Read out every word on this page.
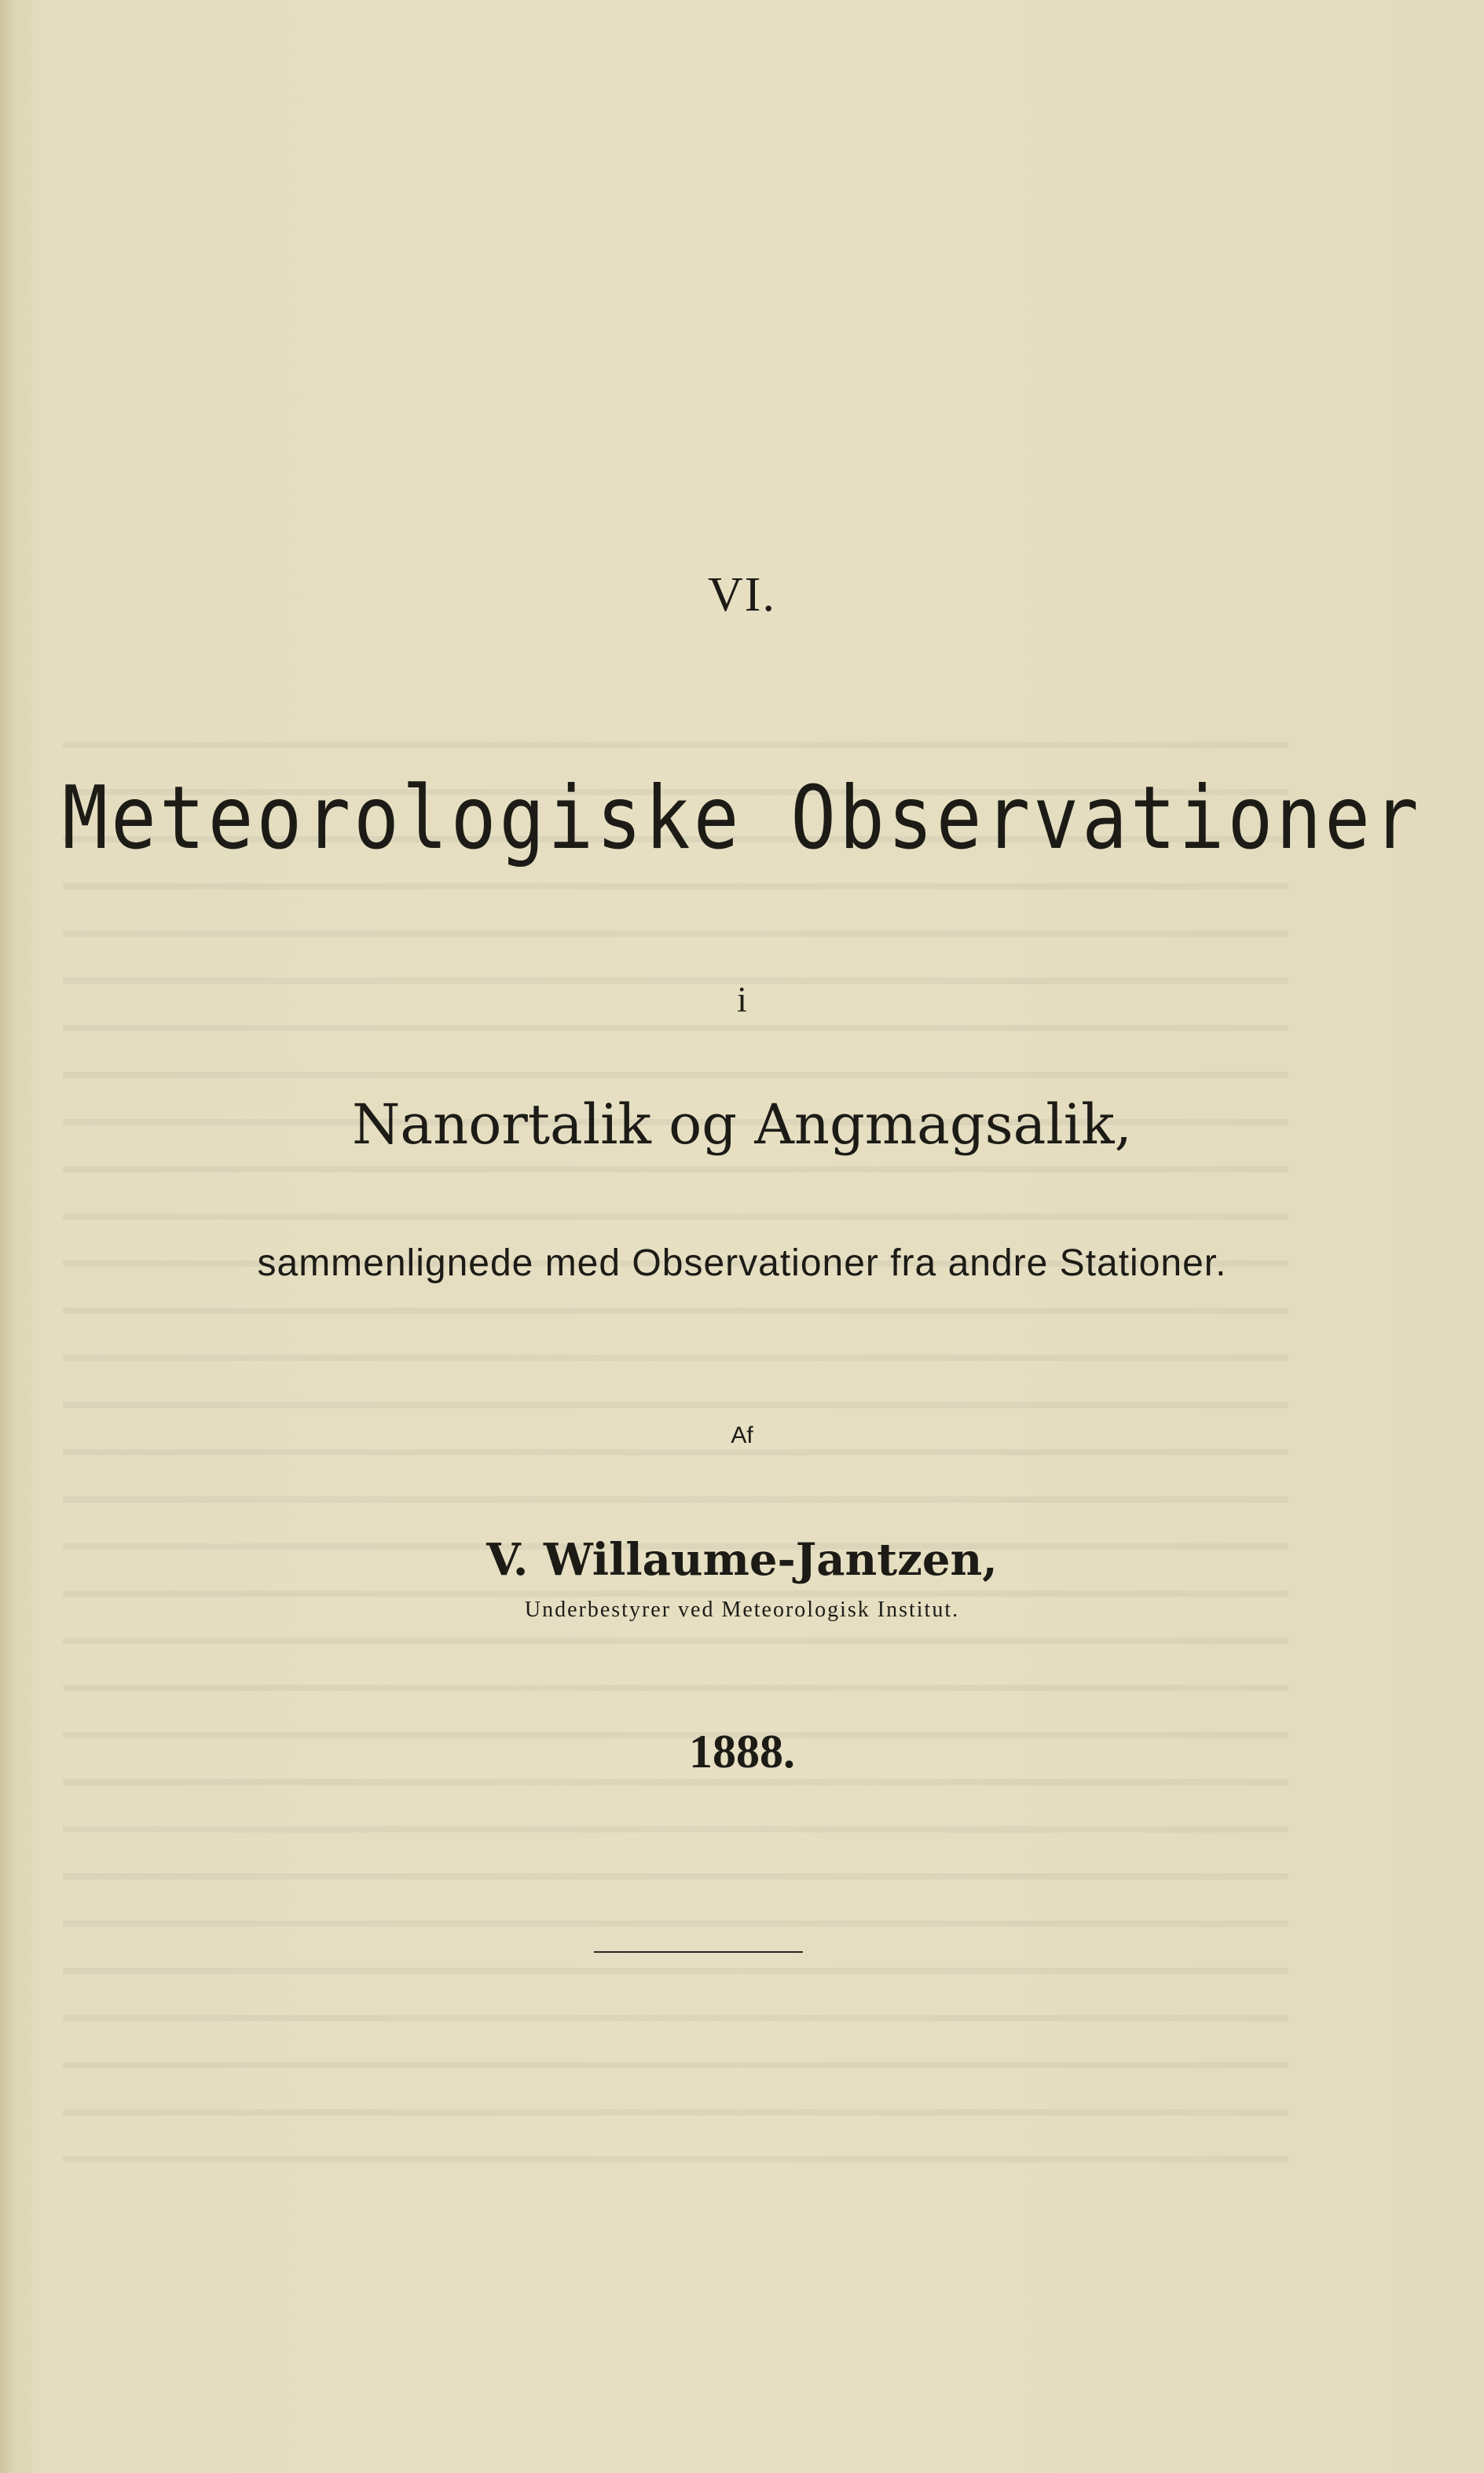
VI.
Meteorologiske Observationer
i
Nanortalik og Angmagsalik,
sammenlignede med Observationer fra andre Stationer.
Af
V. Willaume-Jantzen,
Underbestyrer ved Meteorologisk Institut.
1888.
